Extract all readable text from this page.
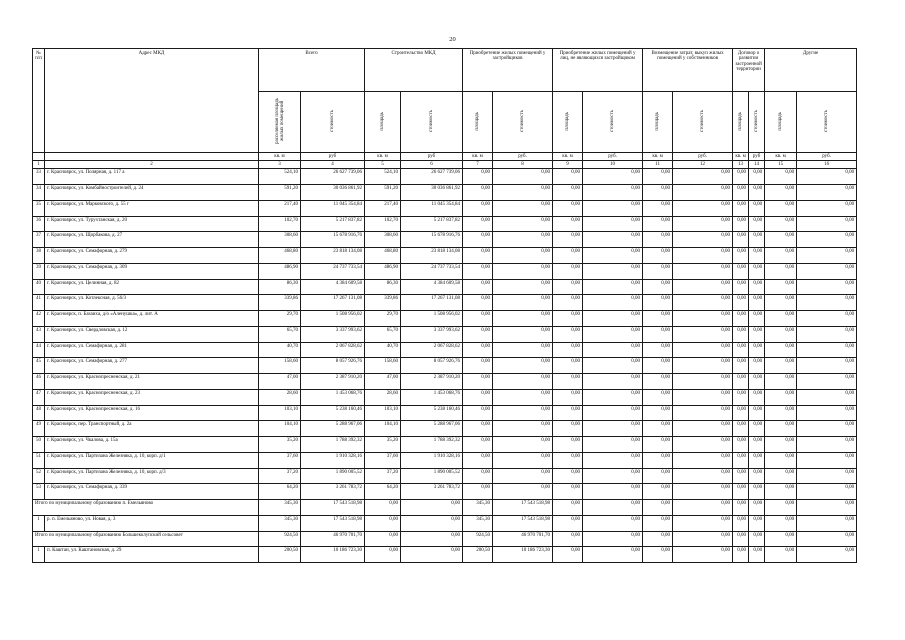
20
№ п/п	Адрес МКД	Всего		Строительство МКД		Приобретение жилых помещений у застройщиков		Приобретение жилых помещений у лиц, не являющихся застройщиком		Возмещение затрат, выкуп жилых помещений у собственников		Договор о развитии застроенной территории		Другие	
		расселяемая площадь жилых помещений	стоимость	площадь	стоимость	площадь	стоимость	площадь	стоимость	площадь	стоимость	площадь	стоимость	площадь	стоимость
		кв. м	руб	кв. м	руб	кв. м	руб.	кв. м	руб.	кв. м	руб.	кв. м	руб	кв. м	руб.
1	2	3	4	5	6	7	8	9	10	11	12	13	14	15	16
33	г. Красноярск, ул. Полярная, д. 117 а	524,10	26 627 739,06	524,10	26 627 739,06	0,00	0,00	0,00	0,00	0,00	0,00	0,00	0,00	0,00	0,00
34	г. Красноярск, ул. Комбайностроителей, д. 24	591,20	30 036 861,92	591,20	30 036 861,92	0,00	0,00	0,00	0,00	0,00	0,00	0,00	0,00	0,00	0,00
35	г. Красноярск, ул. Марковского, д. 55 г	217,40	11 045 354,84	217,40	11 045 354,84	0,00	0,00	0,00	0,00	0,00	0,00	0,00	0,00	0,00	0,00
36	г. Красноярск, ул. Турухтанская, д. 20	102,70	5 217 837,82	102,70	5 217 837,82	0,00	0,00	0,00	0,00	0,00	0,00	0,00	0,00	0,00	0,00
37	г. Красноярск, ул. Щорбакова, д. 27	308,60	15 678 916,76	308,60	15 678 916,76	0,00	0,00	0,00	0,00	0,00	0,00	0,00	0,00	0,00	0,00
38	г. Красноярск, ул. Семафорная, д. 279	468,80	23 818 134,08	468,80	23 818 134,08	0,00	0,00	0,00	0,00	0,00	0,00	0,00	0,00	0,00	0,00
39	г. Красноярск, ул. Семафорная, д. 309	486,90	24 737 733,54	486,90	24 737 733,54	0,00	0,00	0,00	0,00	0,00	0,00	0,00	0,00	0,00	0,00
40	г. Красноярск, ул. Целинная, д. 82	86,30	4 384 609,58	86,30	4 384 609,58	0,00	0,00	0,00	0,00	0,00	0,00	0,00	0,00	0,00	0,00
41	г. Красноярск, ул. Котлексная, д. 56/3	339,86	17 267 131,08	339,86	17 267 131,08	0,00	0,00	0,00	0,00	0,00	0,00	0,00	0,00	0,00	0,00
42	г. Красноярск, п. Базаиха, д/о «Аленушка», д. лит. А	29,70	1 508 956,02	29,70	1 508 956,02	0,00	0,00	0,00	0,00	0,00	0,00	0,00	0,00	0,00	0,00
43	г. Красноярск, ул. Свердловская, д. 12	65,70	3 337 993,62	65,70	3 337 993,62	0,00	0,00	0,00	0,00	0,00	0,00	0,00	0,00	0,00	0,00
44	г. Красноярск, ул. Семафорная, д. 281	40,70	2 067 828,62	40,70	2 067 828,62	0,00	0,00	0,00	0,00	0,00	0,00	0,00	0,00	0,00	0,00
45	г. Красноярск, ул. Семафорная, д. 277	158,60	8 057 926,76	158,60	8 057 926,76	0,00	0,00	0,00	0,00	0,00	0,00	0,00	0,00	0,00	0,00
46	г. Красноярск, ул. Краснопресненская, д. 21	47,00	2 387 910,20	47,00	2 387 910,20	0,00	0,00	0,00	0,00	0,00	0,00	0,00	0,00	0,00	0,00
47	г. Красноярск, ул. Краснопресненская, д. 23	28,60	1 453 068,76	28,60	1 453 068,76	0,00	0,00	0,00	0,00	0,00	0,00	0,00	0,00	0,00	0,00
48	г. Красноярск, ул. Краснопресненская, д. 16	103,10	5 238 160,46	103,10	5 238 160,46	0,00	0,00	0,00	0,00	0,00	0,00	0,00	0,00	0,00	0,00
49	г. Красноярск, пер. Транспортный, д. 2а	104,10	5 288 967,06	104,10	5 288 967,06	0,00	0,00	0,00	0,00	0,00	0,00	0,00	0,00	0,00	0,00
50	г. Красноярск, ул. Чкалова, д. 15а	35,20	1 788 392,32	35,20	1 788 392,32	0,00	0,00	0,00	0,00	0,00	0,00	0,00	0,00	0,00	0,00
51	г. Красноярск, ул. Партизана Железняка, д. 10, корп. д/1	37,60	1 910 328,16	37,60	1 910 328,16	0,00	0,00	0,00	0,00	0,00	0,00	0,00	0,00	0,00	0,00
52	г. Красноярск, ул. Партизана Железняка, д. 10, корп. д/3	37,20	1 890 005,52	37,20	1 890 005,52	0,00	0,00	0,00	0,00	0,00	0,00	0,00	0,00	0,00	0,00
53	г. Красноярск, ул. Семафорная, д. 339	64,20	3 261 783,72	64,20	3 261 783,72	0,00	0,00	0,00	0,00	0,00	0,00	0,00	0,00	0,00	0,00
Итого по муниципальному образованию п. Емельяново		345,30	17 543 518,98	0,00	0,00	345,30	17 543 518,98	0,00	0,00	0,00	0,00	0,00	0,00	0,00	0,00
1	р. п. Емельяново, ул. Новая, д. 3	345,30	17 543 518,98	0,00	0,00	345,30	17 543 518,98	0,00	0,00	0,00	0,00	0,00	0,00	0,00	0,00
Итого по муниципальному образованию Большеколупский сельсовет		924,50	46 970 701,70	0,00	0,00	924,50	46 970 701,70	0,00	0,00	0,00	0,00	0,00	0,00	0,00	0,00
1	п. Каштан, ул. Каштановская, д. 29	200,50	10 186 723,30	0,00	0,00	200,50	10 186 723,30	0,00	0,00	0,00	0,00	0,00	0,00	0,00	0,00
